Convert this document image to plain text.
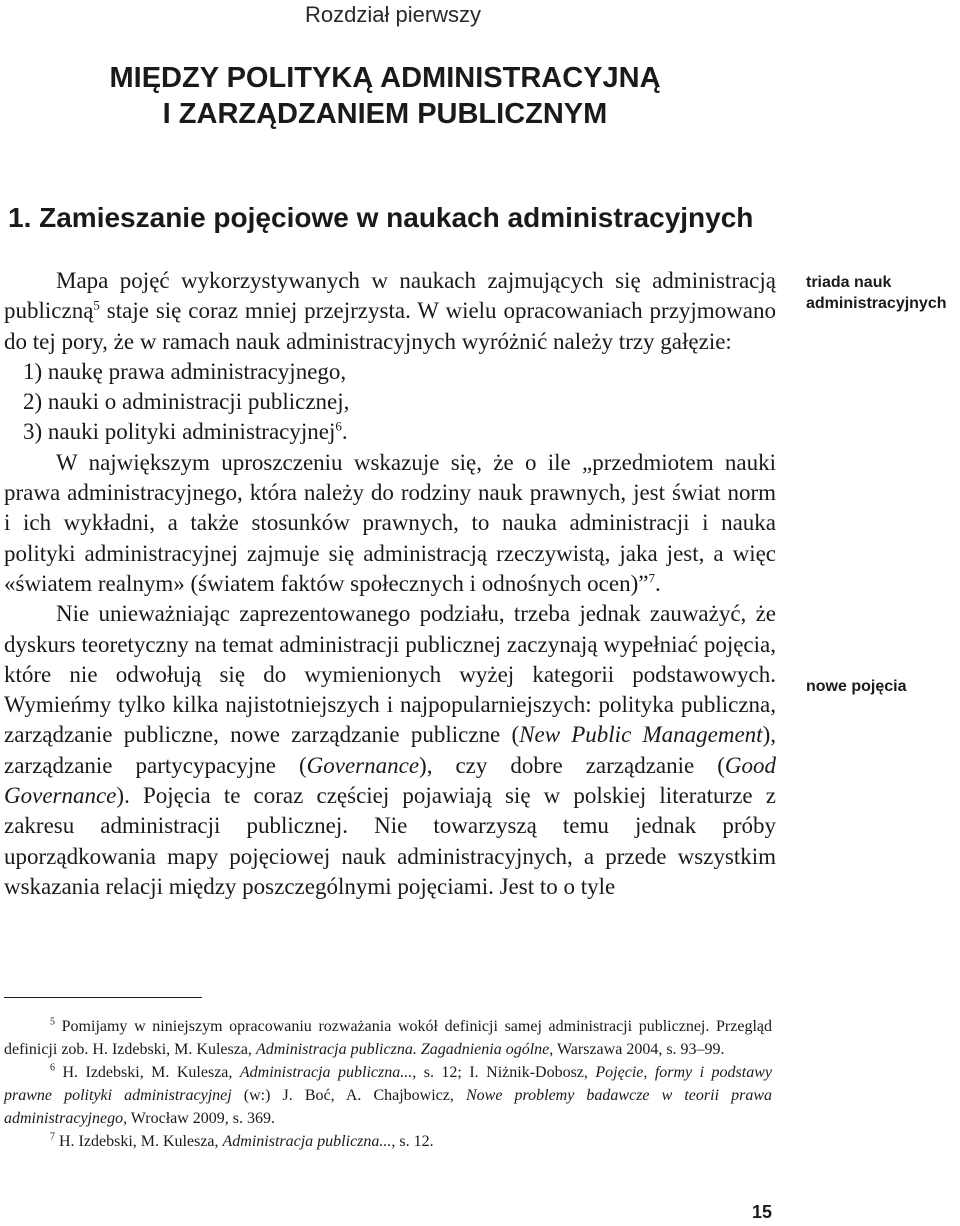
Rozdział pierwszy
MIĘDZY POLITYKĄ ADMINISTRACYJNĄ
I ZARZĄDZANIEM PUBLICZNYM
1. Zamieszanie pojęciowe w naukach administracyjnych
triada nauk administracyjnych
nowe pojęcia

Mapa pojęć wykorzystywanych w naukach zajmujących się administracją publiczną$^5$ staje się coraz mniej przejrzysta. W wielu opracowaniach przyjmowano do tej pory, że w ramach nauk administracyjnych wyróżnić należy trzy gałęzie:

1) naukę prawa administracyjnego,

2) nauki o administracji publicznej,

3) nauki polityki administracyjnej$^6$.

W największym uproszczeniu wskazuje się, że o ile „przedmiotem nauki prawa administracyjnego, która należy do rodziny nauk prawnych, jest świat norm i ich wykładni, a także stosunków prawnych, to nauka administracji i nauka polityki administracyjnej zajmuje się administracją rzeczywistą, jaka jest, a więc «światem realnym» (światem faktów społecznych i odnośnych ocen)”$^7$.

Nie unieważniając zaprezentowanego podziału, trzeba jednak zauważyć, że dyskurs teoretyczny na temat administracji publicznej zaczynają wypełniać pojęcia, które nie odwołują się do wymienionych wyżej kategorii podstawowych. Wymieńmy tylko kilka najistotniejszych i najpopularniejszych: polityka publiczna, zarządzanie publiczne, nowe zarządzanie publiczne (New Public Management), zarządzanie partycypacyjne (Governance), czy dobre zarządzanie (Good Governance). Pojęcia te coraz częściej pojawiają się w polskiej literaturze z zakresu administracji publicznej. Nie towarzyszą temu jednak próby uporządkowania mapy pojęciowej nauk administracyjnych, a przede wszystkim wskazania relacji między poszczególnymi pojęciami. Jest to o tyle

$^5$ Pomijamy w niniejszym opracowaniu rozważania wokół definicji samej administracji publicznej. Przegląd definicji zob. H. Izdebski, M. Kulesza, Administracja publiczna. Zagadnienia ogólne, Warszawa 2004, s. 93–99.

$^6$ H. Izdebski, M. Kulesza, Administracja publiczna..., s. 12; I. Niżnik-Dobosz, Pojęcie, formy i podstawy prawne polityki administracyjnej (w:) J. Boć, A. Chajbowicz, Nowe problemy badawcze w teorii prawa administracyjnego, Wrocław 2009, s. 369.

$^7$ H. Izdebski, M. Kulesza, Administracja publiczna..., s. 12.

15
